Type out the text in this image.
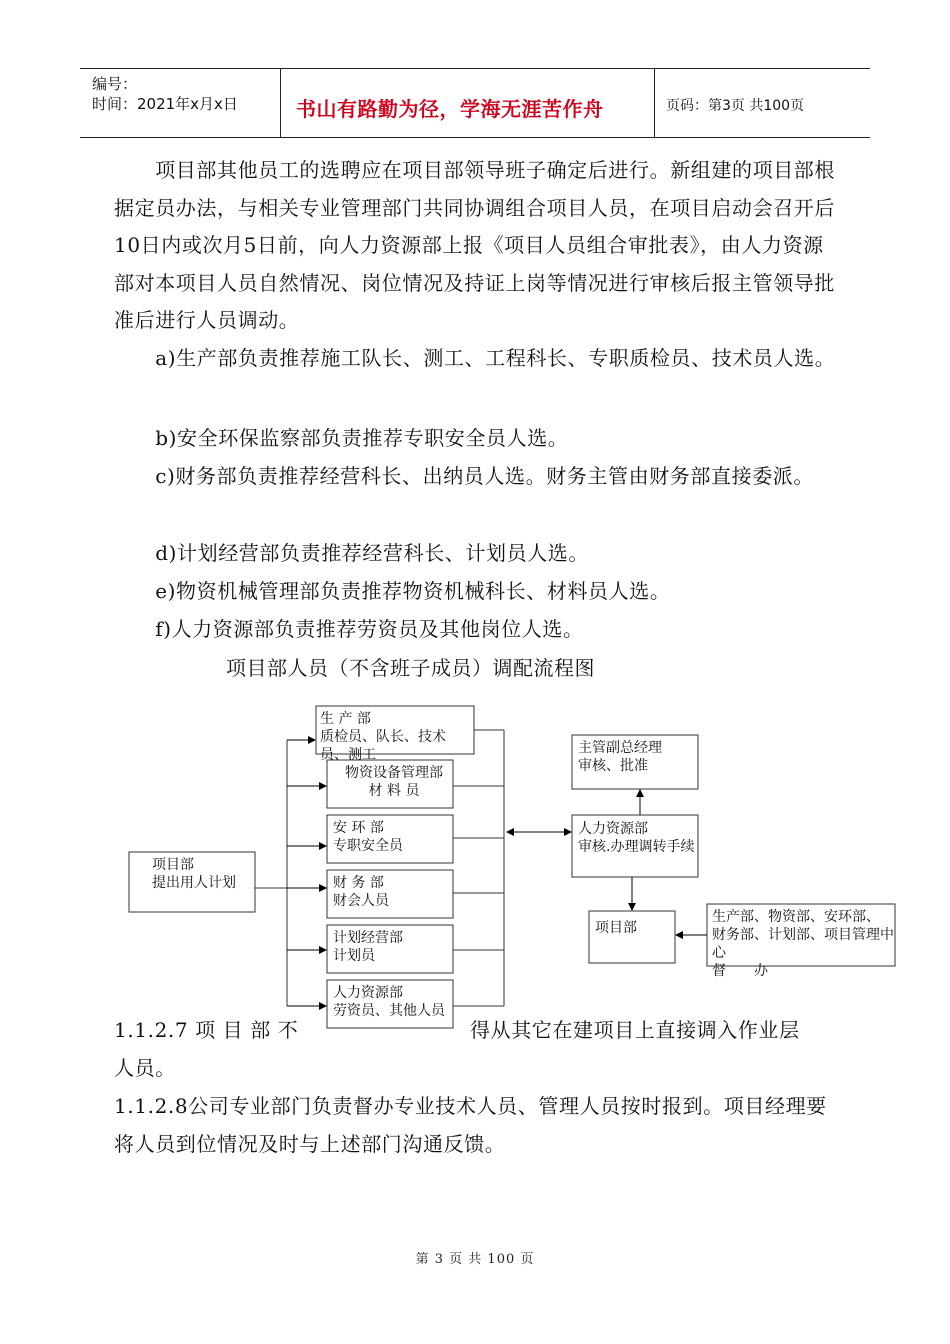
编号：
时间：2021年x月x日	书山有路勤为径，学海无涯苦作舟	页码：第3页 共100页

　　项目部其他员工的选聘应在项目部领导班子确定后进行。新组建的项目部根据定员办法，与相关专业管理部门共同协调组合项目人员，在项目启动会召开后10日内或次月5日前，向人力资源部上报《项目人员组合审批表》，由人力资源部对本项目人员自然情况、岗位情况及持证上岗等情况进行审核后报主管领导批准后进行人员调动。

　　a)生产部负责推荐施工队长、测工、工程科长、专职质检员、技术员人选。

　　b)安全环保监察部负责推荐专职安全员人选。

　　c)财务部负责推荐经营科长、出纳员人选。财务主管由财务部直接委派。

　　d)计划经营部负责推荐经营科长、计划员人选。

　　e)物资机械管理部负责推荐物资机械科长、材料员人选。

　　f)人力资源部负责推荐劳资员及其他岗位人选。

项目部人员（不含班子成员）调配流程图
项目部
提出用人计划
生 产 部
质检员、队长、技术员、测工
物资设备管理部
材 料 员
安 环 部
专职安全员
财 务 部
财会人员
计划经营部
计划员
人力资源部
劳资员、其他人员
主管副总经理
审核、批准
人力资源部
审核.办理调转手续
项目部
生产部、物资部、安环部、
财务部、计划部、项目管理中心
督　　办
1.1.2.7 项 目 部 不	得从其它在建项目上直接调入作业层
人员。

1.1.2.8公司专业部门负责督办专业技术人员、管理人员按时报到。项目经理要将人员到位情况及时与上述部门沟通反馈。

第 3 页 共 100 页
